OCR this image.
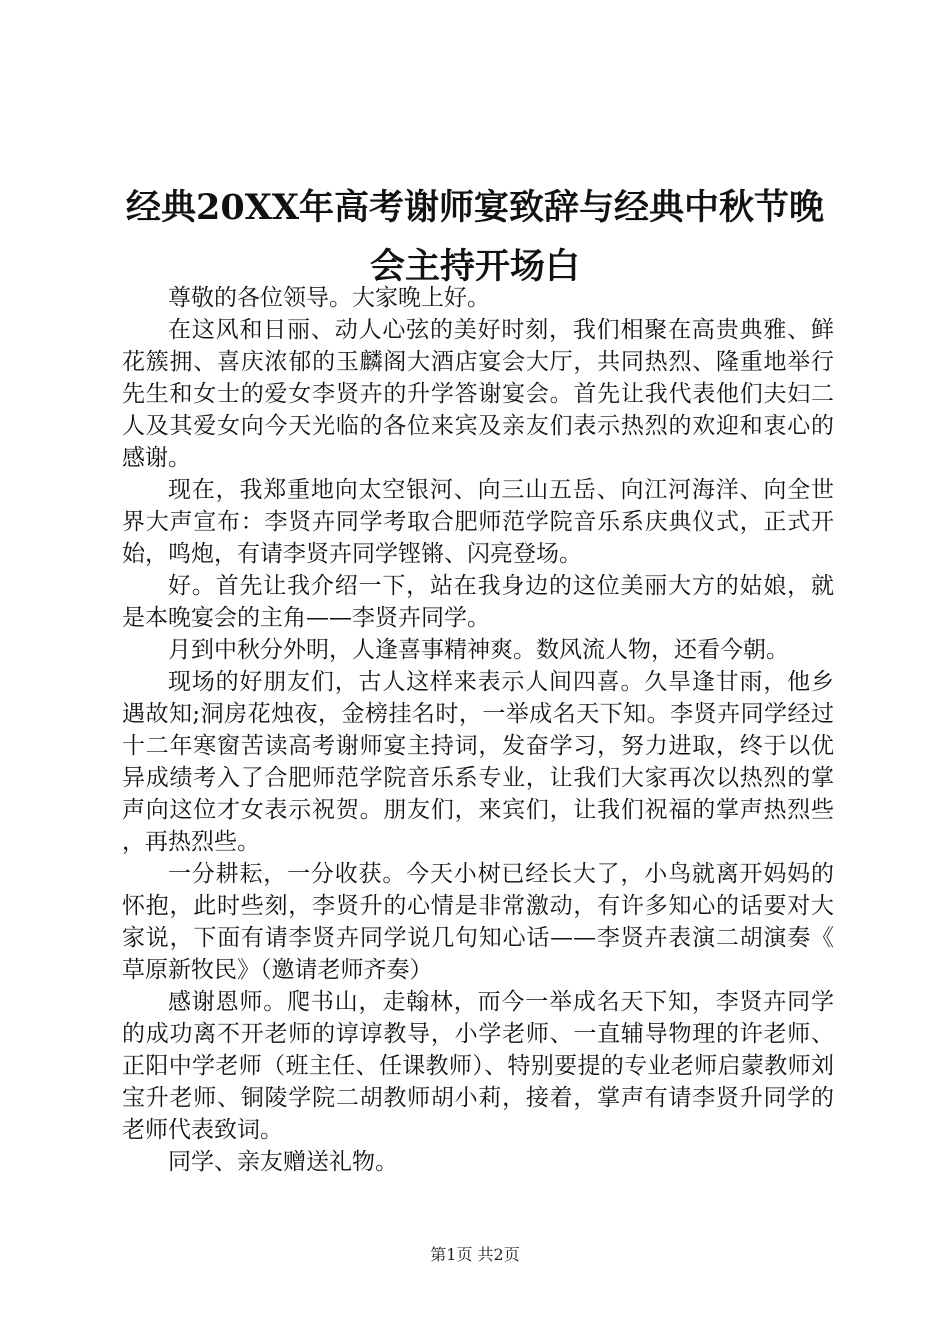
经典20XX年高考谢师宴致辞与经典中秋节晚
会主持开场白

尊敬的各位领导。大家晚上好。

在这风和日丽、动人心弦的美好时刻，我们相聚在高贵典雅、鲜花簇拥、喜庆浓郁的玉麟阁大酒店宴会大厅，共同热烈、隆重地举行先生和女士的爱女李贤卉的升学答谢宴会。首先让我代表他们夫妇二人及其爱女向今天光临的各位来宾及亲友们表示热烈的欢迎和衷心的感谢。

现在，我郑重地向太空银河、向三山五岳、向江河海洋、向全世界大声宣布：李贤卉同学考取合肥师范学院音乐系庆典仪式，正式开始，鸣炮，有请李贤卉同学铿锵、闪亮登场。

好。首先让我介绍一下，站在我身边的这位美丽大方的姑娘，就是本晚宴会的主角——李贤卉同学。

月到中秋分外明，人逢喜事精神爽。数风流人物，还看今朝。

现场的好朋友们，古人这样来表示人间四喜。久旱逢甘雨，他乡遇故知;洞房花烛夜，金榜挂名时，一举成名天下知。李贤卉同学经过十二年寒窗苦读高考谢师宴主持词，发奋学习，努力进取，终于以优异成绩考入了合肥师范学院音乐系专业，让我们大家再次以热烈的掌声向这位才女表示祝贺。朋友们，来宾们，让我们祝福的掌声热烈些，再热烈些。

一分耕耘，一分收获。今天小树已经长大了，小鸟就离开妈妈的怀抱，此时些刻，李贤升的心情是非常激动，有许多知心的话要对大家说，下面有请李贤卉同学说几句知心话——李贤卉表演二胡演奏《草原新牧民》（邀请老师齐奏）

感谢恩师。爬书山，走翰林，而今一举成名天下知，李贤卉同学的成功离不开老师的谆谆教导，小学老师、一直辅导物理的许老师、正阳中学老师（班主任、任课教师）、特别要提的专业老师启蒙教师刘宝升老师、铜陵学院二胡教师胡小莉，接着，掌声有请李贤升同学的老师代表致词。

同学、亲友赠送礼物。

第1页 共2页
